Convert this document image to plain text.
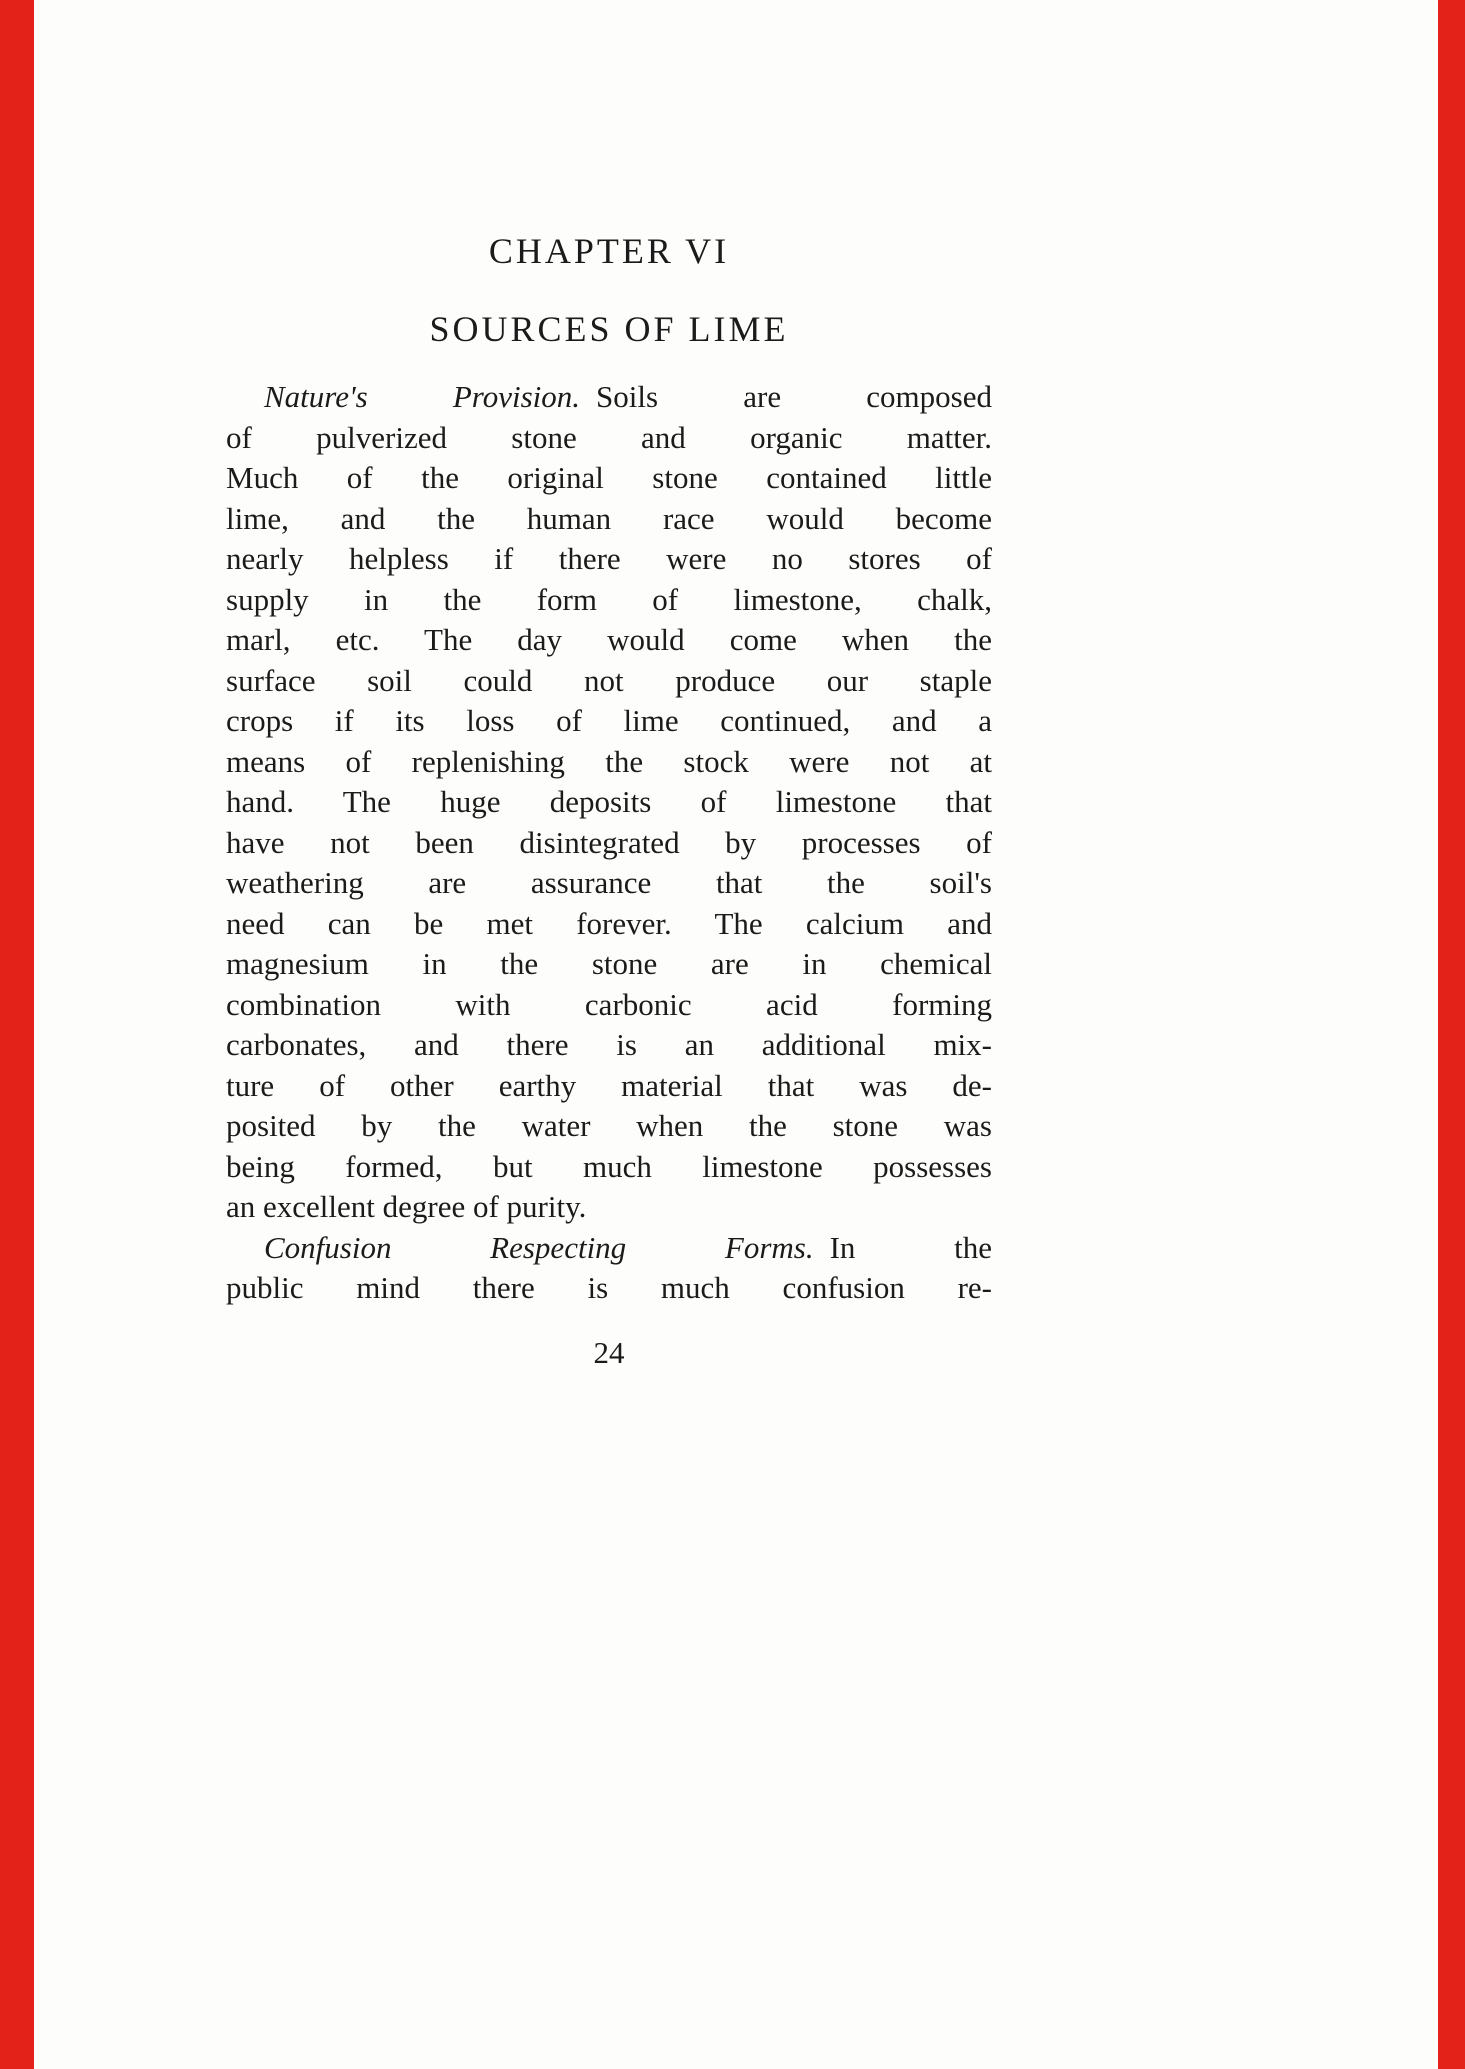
CHAPTER VI
SOURCES OF LIME
Nature's Provision. Soils are composed
of pulverized stone and organic matter.
Much of the original stone contained little
lime, and the human race would become
nearly helpless if there were no stores of
supply in the form of limestone, chalk,
marl, etc. The day would come when the
surface soil could not produce our staple
crops if its loss of lime continued, and a
means of replenishing the stock were not at
hand. The huge deposits of limestone that
have not been disintegrated by processes of
weathering are assurance that the soil's
need can be met forever. The calcium and
magnesium in the stone are in chemical
combination with carbonic acid forming
carbonates, and there is an additional mix-
ture of other earthy material that was de-
posited by the water when the stone was
being formed, but much limestone possesses
an excellent degree of purity.
Confusion Respecting Forms. In the
public mind there is much confusion re-
24
